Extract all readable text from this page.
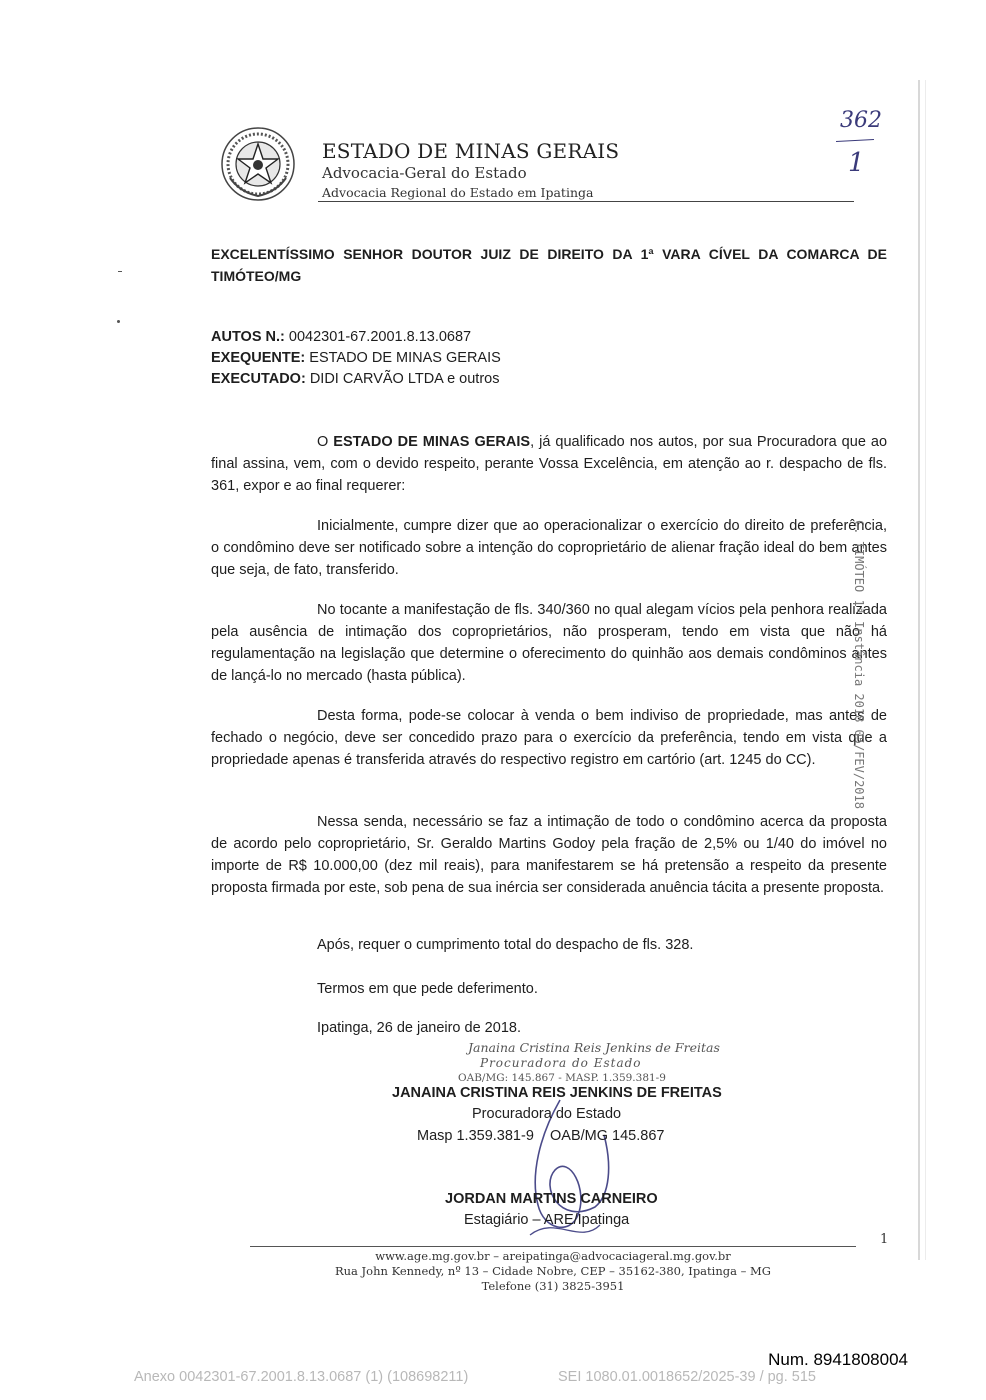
ESTADO DE MINAS GERAIS
Advocacia-Geral do Estado
Advocacia Regional do Estado em Ipatinga
362
1
EXCELENTÍSSIMO SENHOR DOUTOR JUIZ DE DIREITO DA 1ª VARA CÍVEL DA COMARCA DE TIMÓTEO/MG
AUTOS N.: 0042301-67.2001.8.13.0687
EXEQUENTE: ESTADO DE MINAS GERAIS
EXECUTADO: DIDI CARVÃO LTDA e outros
O ESTADO DE MINAS GERAIS, já qualificado nos autos, por sua Procuradora que ao final assina, vem, com o devido respeito, perante Vossa Excelência, em atenção ao r. despacho de fls. 361, expor e ao final requerer:
Inicialmente, cumpre dizer que ao operacionalizar o exercício do direito de preferência, o condômino deve ser notificado sobre a intenção do coproprietário de alienar fração ideal do bem antes que seja, de fato, transferido.
No tocante a manifestação de fls. 340/360 no qual alegam vícios pela penhora realizada pela ausência de intimação dos coproprietários, não prosperam, tendo em vista que não há regulamentação na legislação que determine o oferecimento do quinhão aos demais condôminos antes de lançá-lo no mercado (hasta pública).
Desta forma, pode-se colocar à venda o bem indiviso de propriedade, mas antes de fechado o negócio, deve ser concedido prazo para o exercício da preferência, tendo em vista que a propriedade apenas é transferida através do respectivo registro em cartório (art. 1245 do CC).
Nessa senda, necessário se faz a intimação de todo o condômino acerca da proposta de acordo pelo coproprietário, Sr. Geraldo Martins Godoy pela fração de 2,5% ou 1/40 do imóvel no importe de R$ 10.000,00 (dez mil reais), para manifestarem se há pretensão a respeito da presente proposta firmada por este, sob pena de sua inércia ser considerada anuência tácita a presente proposta.
C. TIMÓTEO 1ª Instância 2018 05/FEV/2018
Após, requer o cumprimento total do despacho de fls. 328.
Termos em que pede deferimento.
Ipatinga, 26 de janeiro de 2018.
Janaina Cristina Reis Jenkins de Freitas
Procuradora do Estado
OAB/MG: 145.867 - MASP. 1.359.381-9
JANAINA CRISTINA REIS JENKINS DE FREITAS
Procuradora do Estado
Masp 1.359.381-9    OAB/MG 145.867
JORDAN MARTINS CARNEIRO
Estagiário – ARE/Ipatinga
1
www.age.mg.gov.br – areipatinga@advocaciageral.mg.gov.br
Rua John Kennedy, nº 13 – Cidade Nobre, CEP – 35162-380, Ipatinga – MG
Telefone (31) 3825-3951
Num. 8941808004
Anexo 0042301-67.2001.8.13.0687 (1) (108698211)	SEI 1080.01.0018652/2025-39 / pg. 515
